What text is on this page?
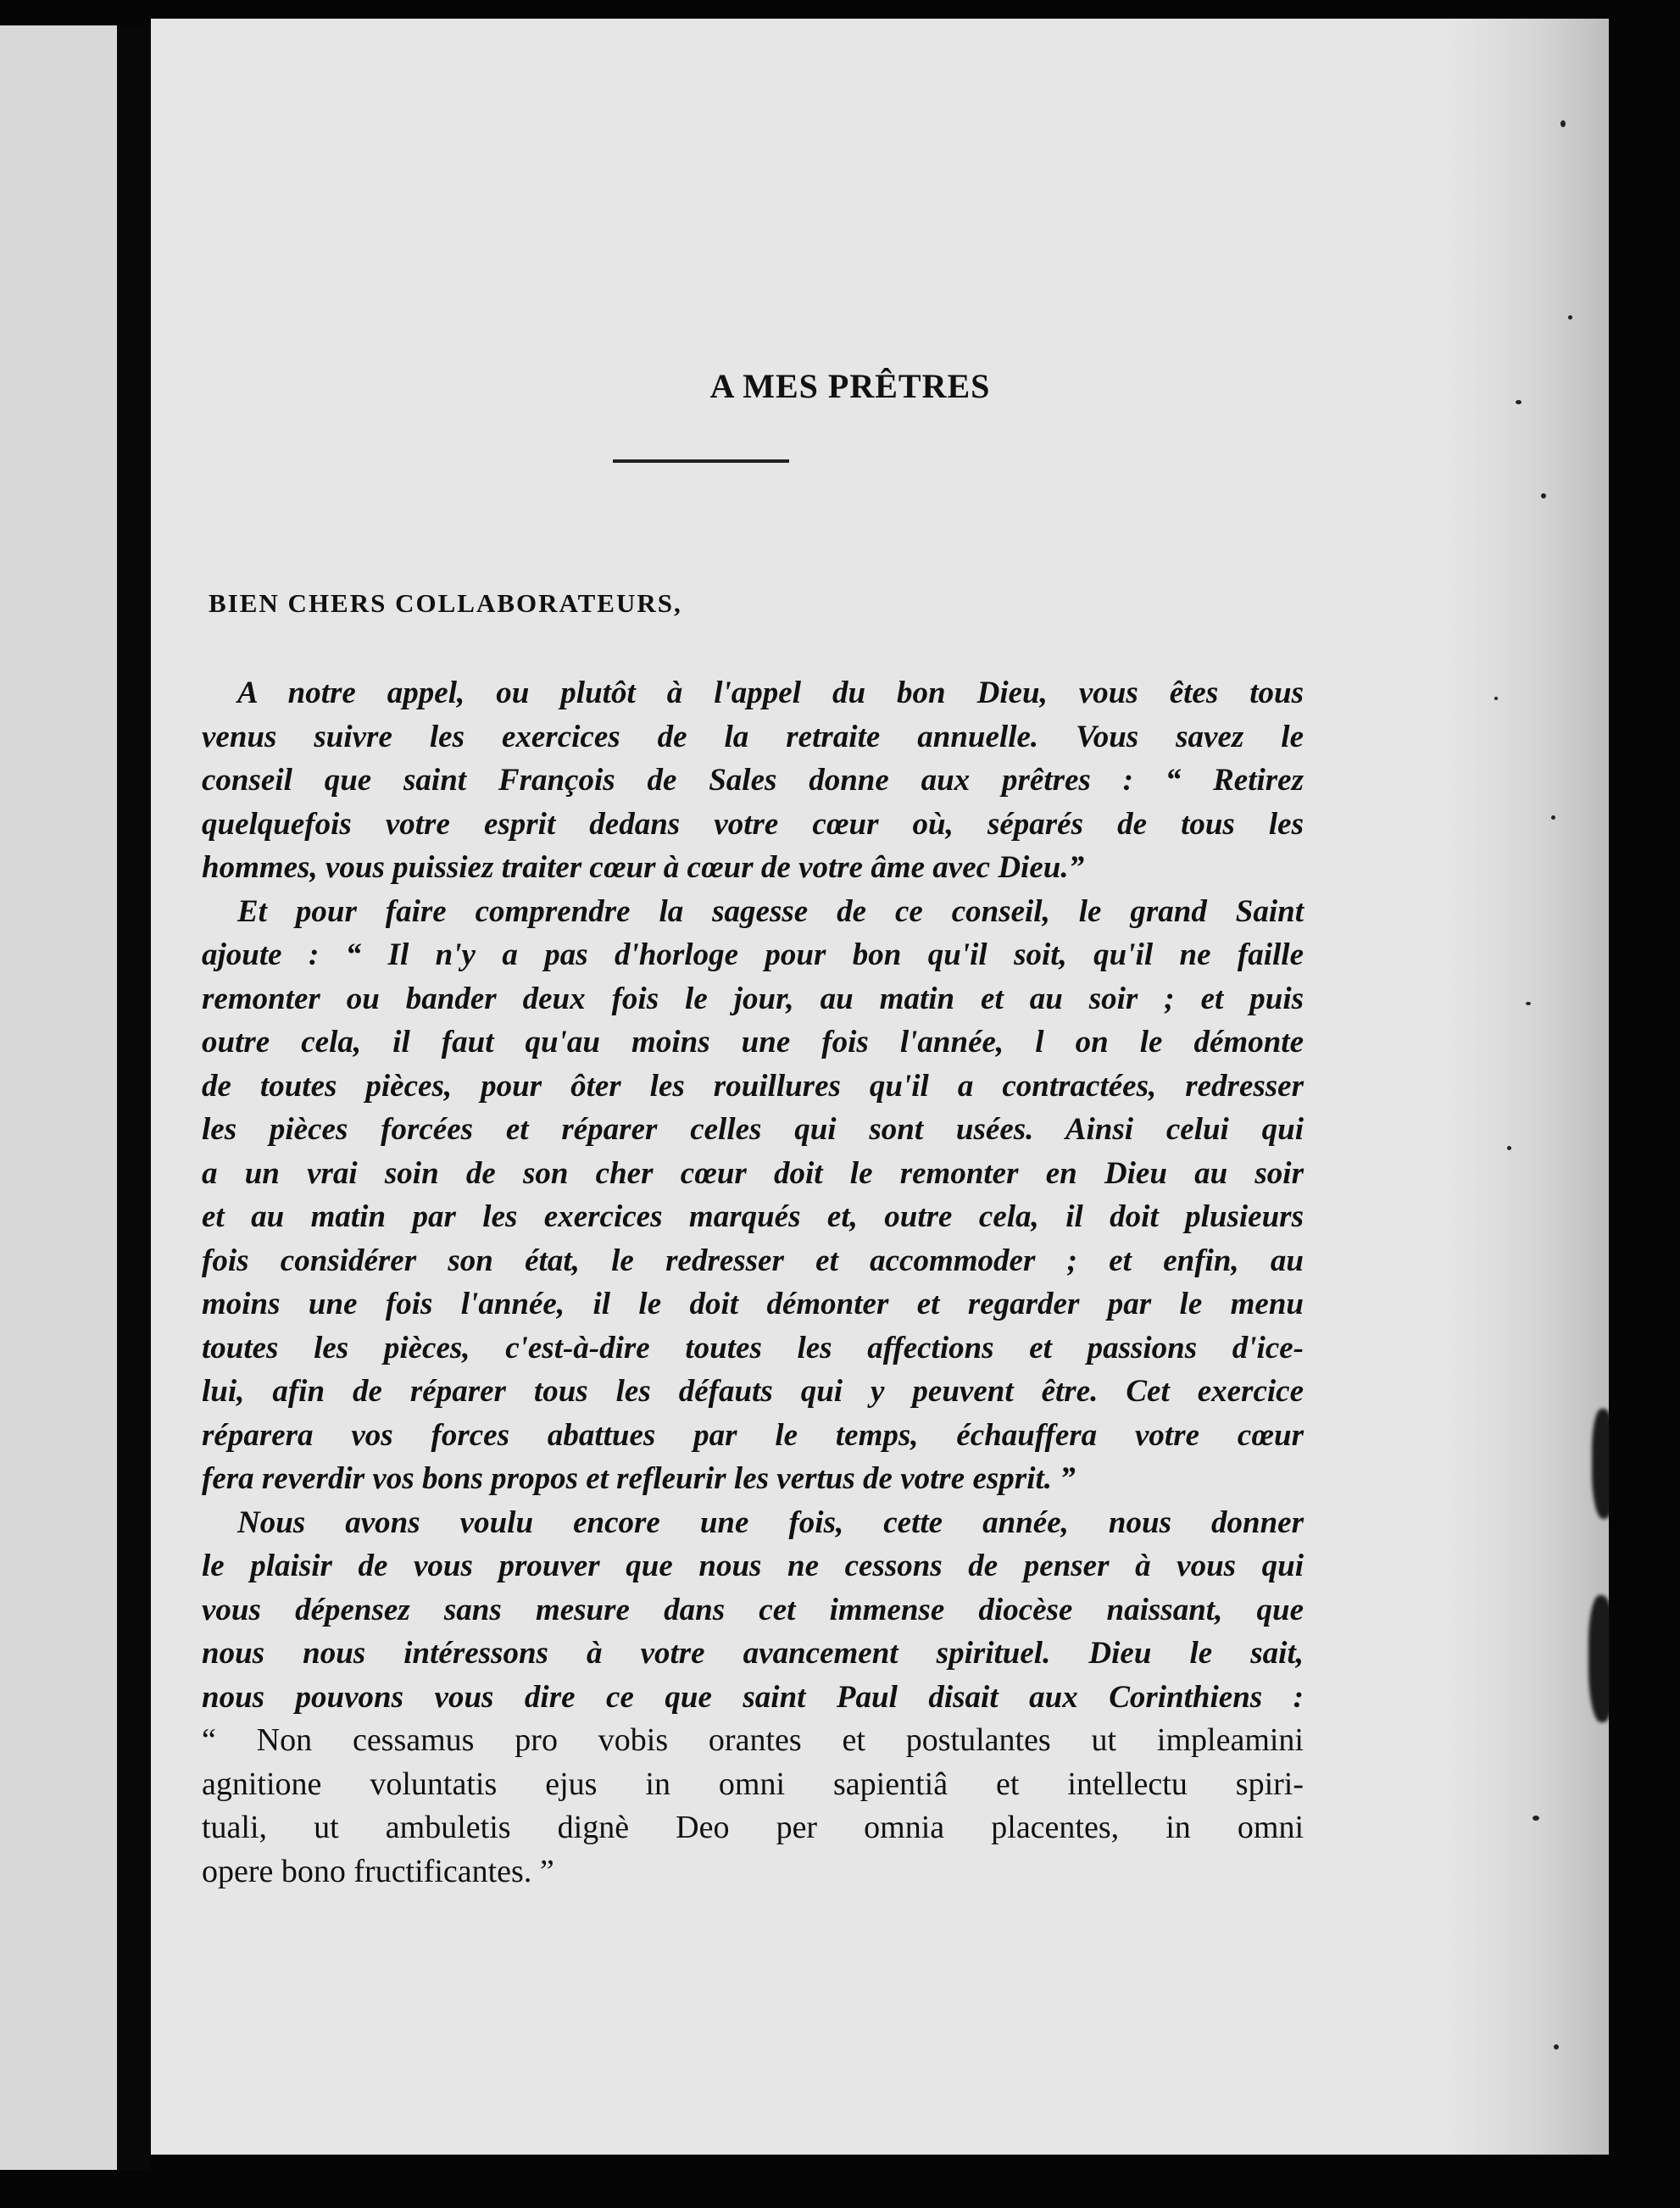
A MES PRÊTRES
BIEN CHERS COLLABORATEURS,
A notre appel, ou plutôt à l'appel du bon Dieu, vous êtes tous
venus suivre les exercices de la retraite annuelle. Vous savez le
conseil que saint François de Sales donne aux prêtres : “ Retirez
quelquefois votre esprit dedans votre cœur où, séparés de tous les
hommes, vous puissiez traiter cœur à cœur de votre âme avec Dieu.”
Et pour faire comprendre la sagesse de ce conseil, le grand Saint
ajoute : “ Il n'y a pas d'horloge pour bon qu'il soit, qu'il ne faille
remonter ou bander deux fois le jour, au matin et au soir ; et puis
outre cela, il faut qu'au moins une fois l'année, l on le démonte
de toutes pièces, pour ôter les rouillures qu'il a contractées, redresser
les pièces forcées et réparer celles qui sont usées. Ainsi celui qui
a un vrai soin de son cher cœur doit le remonter en Dieu au soir
et au matin par les exercices marqués et, outre cela, il doit plusieurs
fois considérer son état, le redresser et accommoder ; et enfin, au
moins une fois l'année, il le doit démonter et regarder par le menu
toutes les pièces, c'est-à-dire toutes les affections et passions d'ice-
lui, afin de réparer tous les défauts qui y peuvent être. Cet exercice
réparera vos forces abattues par le temps, échauffera votre cœur
fera reverdir vos bons propos et refleurir les vertus de votre esprit. ”
Nous avons voulu encore une fois, cette année, nous donner
le plaisir de vous prouver que nous ne cessons de penser à vous qui
vous dépensez sans mesure dans cet immense diocèse naissant, que
nous nous intéressons à votre avancement spirituel. Dieu le sait,
nous pouvons vous dire ce que saint Paul disait aux Corinthiens :
“ Non cessamus pro vobis orantes et postulantes ut impleamini
agnitione voluntatis ejus in omni sapientiâ et intellectu spiri-
tuali, ut ambuletis dignè Deo per omnia placentes, in omni
opere bono fructificantes. ”
